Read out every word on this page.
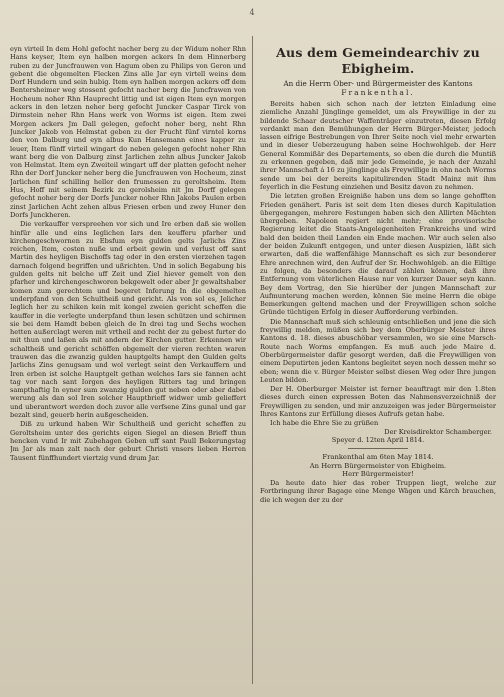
4

eyn virteil In dem Hohl gefocht nacher berg zu der Widum noher Rhn Hans keyser, Item eyn halben morgen ackers In dem Hinnerberg ruben zu der Juncfrauwen von Hagum oben zu Philips von Geron und gebent die obgemelten Flecken Zins alle Jar eyn virtell weins dem Dorf Hundern und sein hubig. Item eyn halben morgen ackers off dem Bentersheimer weg stossent gefocht nacher berg die Juncfrawen von Hocheum noher Rhn Hauprecht littig und ist eigen Item eyn morgen ackers in den letzen neher berg gefocht Juncker Caspar Tirck von Dirmstein neher Rhn Hans werk von Worms ist eigen. Item zwei Morgen ackers Jm Dall gelegen, gefocht noher berg, neht Rhn Juncker Jakob von Helmstat geben zu der Frucht fünf virntel korns den von Dalburg und eyn albus Kun Hansemann eines kapper zu leuer, Item fünff virteil wingart do neben gelegen gefocht noher Rhn want berg die von Dalburg zinst Jarlichen zehn albus Juncker Jakob von Helmstat. Item eyn Zweiteil wingart uff der platten gefocht neher Rhn der Dorf Juncker neher berg die Juncfrauwen von Hocheum, zinst Jarlichen fünf schilling heller den frumessen zu geroltsheim. Item Hus, Hoff mit seinem Bezirk zu gerolsheim nit Jm Dorff gelegen gefocht noher berg der Dorfs Juncker noher Rhn Jakobs Paulen erben zinst Jarlichen Acht zehen albus Friesen erben und zwey Huner den Dorfs Junckheren.

Die verkauffer verspreehen vor sich und Ire erben daß sie wollen hinfür alle und eins Ieglichen Iars den keufferu pfarher und kirchengeschwornen zu Ebsfum eyn gulden gelts Jarlichs Zins reichen, Item, costen nuße und erbeit gewin und verlust off sant Martin des heyligen Bischoffs tag oder in den ersten vierzehen tagen darnach folgend begriffen und ußrichten. Und in solich Begabung bis gulden gelts nit belche uff Zeit und Ziel hiever gemelt von den pfarher und kirchengeschworen bekgewelt oder aber Jr gewaltshaber komen zum gerechtem und begeret Inferung In die obgemelten underpfand von den Schultheiß und gericht. Als von sol es, Jelicher Ieglich her zu schiken kein mit kongel zweien gericht scheffen die kauffer in die verlegte underpfand thun lesen schützen und schirmen sie bei dem Hamdt beben gleich de In drei tag und Sechs wochen hetten außerclagt weren mit vrtheil and recht der zu gebest furter do mit thun und laßen als mit andern der Kirchen gutter. Erkennen wir schaltheiß und gericht schöffen obgemelt der vieren rechten waren trauwen das die zwanzig gulden hauptgelts hampt den Gulden gelts Jarlichs Zins genugsam und wol verlegt seint den Verkauffern und Iren erben ist solche Hauptgelt gethan welches Iars sie fannen acht tag vor nach sant Iorgen des heyligen Ritters tag und bringen sampthaftig In eyner sum zwanzig gulden gut neben oder aber dabei werung als dan sol Iren solcher Hauptbrieff widwer umb gelieffert und uberantwort werden doch zuvor alle verfsene Zins gunal und gar bezalt sind, geuerb herin außgescheiden.

Diß zu urkund haben Wir Schultheiß und gericht scheffen zu Geroltsheim unter des gerichts eigen Siegel an diesen Brieff thun hencken vund Ir mit Zubehagen Geben uff sant Paull Bekerungstag Jm Jar als man zalt nach der geburt Christi vnsers lieben Herren Tausent fünffhundert viertzig vund drum Jar.

Aus dem Gemeindearchiv zu Ebigheim.
An die Herrn Ober- und Bürgermeister des Kantons
Frankenthal.

Bereits haben sich schon nach der letzten Einladung eine ziemliche Anzahl Jünglinge gemeldet, um als Freywillige in der zu bildende Schaar deutscher Waffenträger einzutreten, diesen Erfolg verdankt man den Bemühungen der Herrn Bürger-Meister, jedoch lassen eifrige Bestrebungen von Ihrer Seite noch viel mehr erwarten und in dieser Ueberzeugung haben seine Hochwohlgeb. der Herr General Kommißär des Departements, so eben die durch die Muntiß zu erkennen gegeben, daß mir jede Gemeinde, je nach der Anzahl ihrer Mannschaft á 16 zu jünglinge als Freywillige in ohn nach Worms sende um bei der bereits kapitulirenden Stadt Mainz mit ihm feyerlich in die Festung einziehen und Besitz davon zu nehmen.

Die letzten großen Ereigniße haben uns dem so lange gehofften Frieden genähert. Paris ist seit dem 1ten dieses durch Kapitulation übergegangen, mehrere Festungen haben sich den Allirten Mächten übergeben. Napoleon regiert nicht mehr; eine provisorische Regierung leitet die Staats-Angelegenheiten Frankreichs und wird bald den beiden theil Landen ein Ende machen. Wir auch selen also der beiden Zukunft entgegen, und unter diesen Auspizien, läßt sich erwarten, daß die waffenfähige Mannschaft es sich zur besonderer Ehre anrechnen wird, den Aufruf der Sr. Hochwohlgeb. an die Eiltige zu folgen, da besonders die darauf zählen können, daß ihre Entfernung vom väterlichen Hause nur von kurzer Dauer seyn kann. Bey dem Vortrag, den Sie hierüber der jungen Mannschaft zur Aufmunterung machen werden, können Sie meine Herrn die obige Bemerkungen geltend machen und der Freywilligen schon solche Gründe tüchtigen Erfolg in dieser Aufforderung verbinden.

Die Mannschaft muß sich schleunig entschließen und jene die sich freywillig melden, müßen sich bey dem Oberbürger Meister ihres Kantons d. 18. dieses abuschöbar versammlen, wo sie eine Marsch-Route nach Worms empfangen. Es muß auch jede Maire d. Oberbürgermeister dafür gesorgt werden, daß die Freywilligen von einem Deputirten jeden Kantons begleitet seyen noch dessen mehr so eben; wenn die v. Bürger Meister selbst diesen Weg oder Ihre jungen Leuten bilden.

Der H. Oberburger Meister ist ferner beauftragt mir den 1.8ten dieses durch einen expressen Boten das Nahmensverzeichniß der Freywilligen zu senden, und mir anzuzeigen was jeder Bürgermeister Ihres Kantons zur Erfüllung dieses Aufrufs getan habe.

Ich habe die Ehre Sie zu grüßen

Der Kreisdirektor Schamberger.
Speyer d. 12ten April 1814.
Frankenthal am 6ten May 1814.
An Herrn Bürgermeister von Ebigheim.
Herr Bürgermeister!

Da heute dato hier das rober Truppen liegt, welche zur Fortbringung ihrer Bagage eine Menge Wägen und Kärch brauchen, die ich wegen der zu der
